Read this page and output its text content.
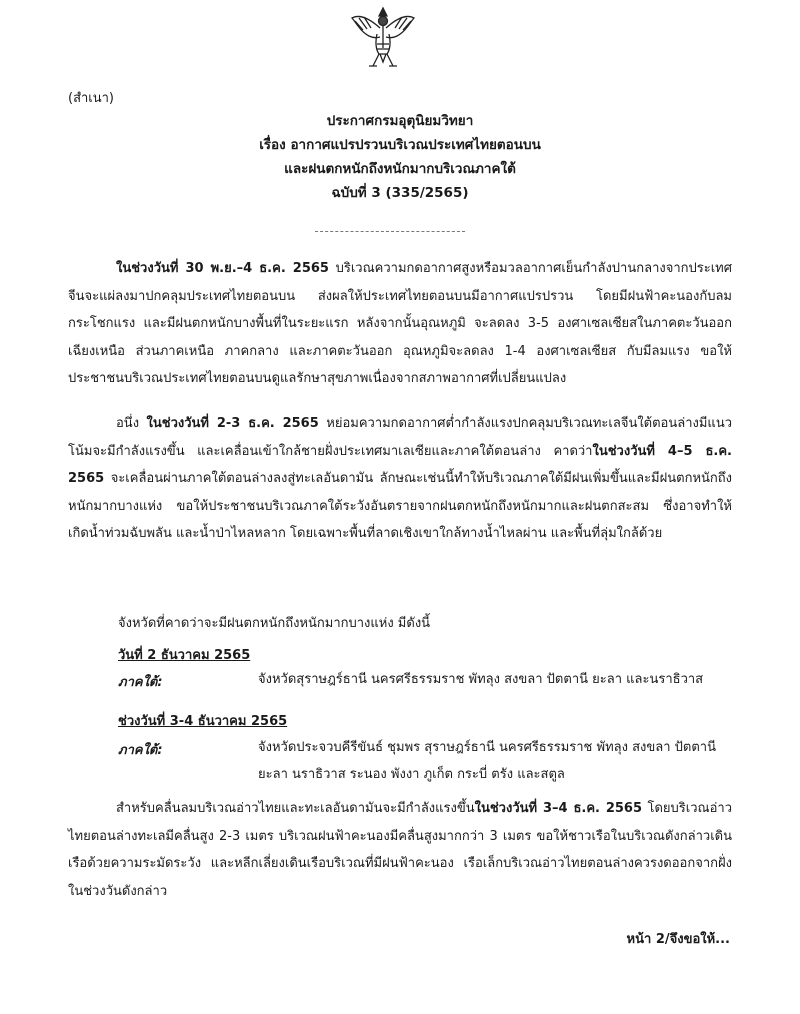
(สำเนา)
ประกาศกรมอุตุนิยมวิทยา
เรื่อง อากาศแปรปรวนบริเวณประเทศไทยตอนบน
และฝนตกหนักถึงหนักมากบริเวณภาคใต้
ฉบับที่ 3 (335/2565)

ในช่วงวันที่ 30 พ.ย.–4 ธ.ค. 2565 บริเวณความกดอากาศสูงหรือมวลอากาศเย็นกำลังปานกลางจากประเทศจีนจะแผ่ลงมาปกคลุมประเทศไทยตอนบน ส่งผลให้ประเทศไทยตอนบนมีอากาศแปรปรวน โดยมีฝนฟ้าคะนองกับลมกระโชกแรง และมีฝนตกหนักบางพื้นที่ในระยะแรก หลังจากนั้นอุณหภูมิ จะลดลง 3-5 องศาเซลเซียสในภาคตะวันออกเฉียงเหนือ ส่วนภาคเหนือ ภาคกลาง และภาคตะวันออก อุณหภูมิจะลดลง 1-4 องศาเซลเซียส กับมีลมแรง ขอให้ประชาชนบริเวณประเทศไทยตอนบนดูแลรักษาสุขภาพเนื่องจากสภาพอากาศที่เปลี่ยนแปลง

อนึ่ง ในช่วงวันที่ 2-3 ธ.ค. 2565 หย่อมความกดอากาศต่ำกำลังแรงปกคลุมบริเวณทะเลจีนใต้ตอนล่างมีแนวโน้มจะมีกำลังแรงขึ้น และเคลื่อนเข้าใกล้ชายฝั่งประเทศมาเลเซียและภาคใต้ตอนล่าง คาดว่าในช่วงวันที่ 4–5 ธ.ค. 2565 จะเคลื่อนผ่านภาคใต้ตอนล่างลงสู่ทะเลอันดามัน ลักษณะเช่นนี้ทำให้บริเวณภาคใต้มีฝนเพิ่มขึ้นและมีฝนตกหนักถึงหนักมากบางแห่ง ขอให้ประชาชนบริเวณภาคใต้ระวังอันตรายจากฝนตกหนักถึงหนักมากและฝนตกสะสม ซึ่งอาจทำให้เกิดน้ำท่วมฉับพลัน และน้ำป่าไหลหลาก โดยเฉพาะพื้นที่ลาดเชิงเขาใกล้ทางน้ำไหลผ่าน และพื้นที่ลุ่มใกล้ด้วย

จังหวัดที่คาดว่าจะมีฝนตกหนักถึงหนักมากบางแห่ง มีดังนี้
วันที่ 2 ธันวาคม 2565
ภาคใต้:	จังหวัดสุราษฎร์ธานี นครศรีธรรมราช พัทลุง สงขลา ปัตตานี ยะลา และนราธิวาส

ช่วงวันที่ 3-4 ธันวาคม 2565
ภาคใต้:	จังหวัดประจวบคีรีขันธ์ ชุมพร สุราษฎร์ธานี นครศรีธรรมราช พัทลุง สงขลา ปัตตานี ยะลา นราธิวาส ระนอง พังงา ภูเก็ต กระบี่ ตรัง และสตูล

สำหรับคลื่นลมบริเวณอ่าวไทยและทะเลอันดามันจะมีกำลังแรงขึ้นในช่วงวันที่ 3–4 ธ.ค. 2565 โดยบริเวณอ่าวไทยตอนล่างทะเลมีคลื่นสูง 2-3 เมตร บริเวณฝนฟ้าคะนองมีคลื่นสูงมากกว่า 3 เมตร ขอให้ชาวเรือในบริเวณดังกล่าวเดินเรือด้วยความระมัดระวัง และหลีกเลี่ยงเดินเรือบริเวณที่มีฝนฟ้าคะนอง เรือเล็กบริเวณอ่าวไทยตอนล่างควรงดออกจากฝั่งในช่วงวันดังกล่าว

หน้า 2/จึงขอให้...
